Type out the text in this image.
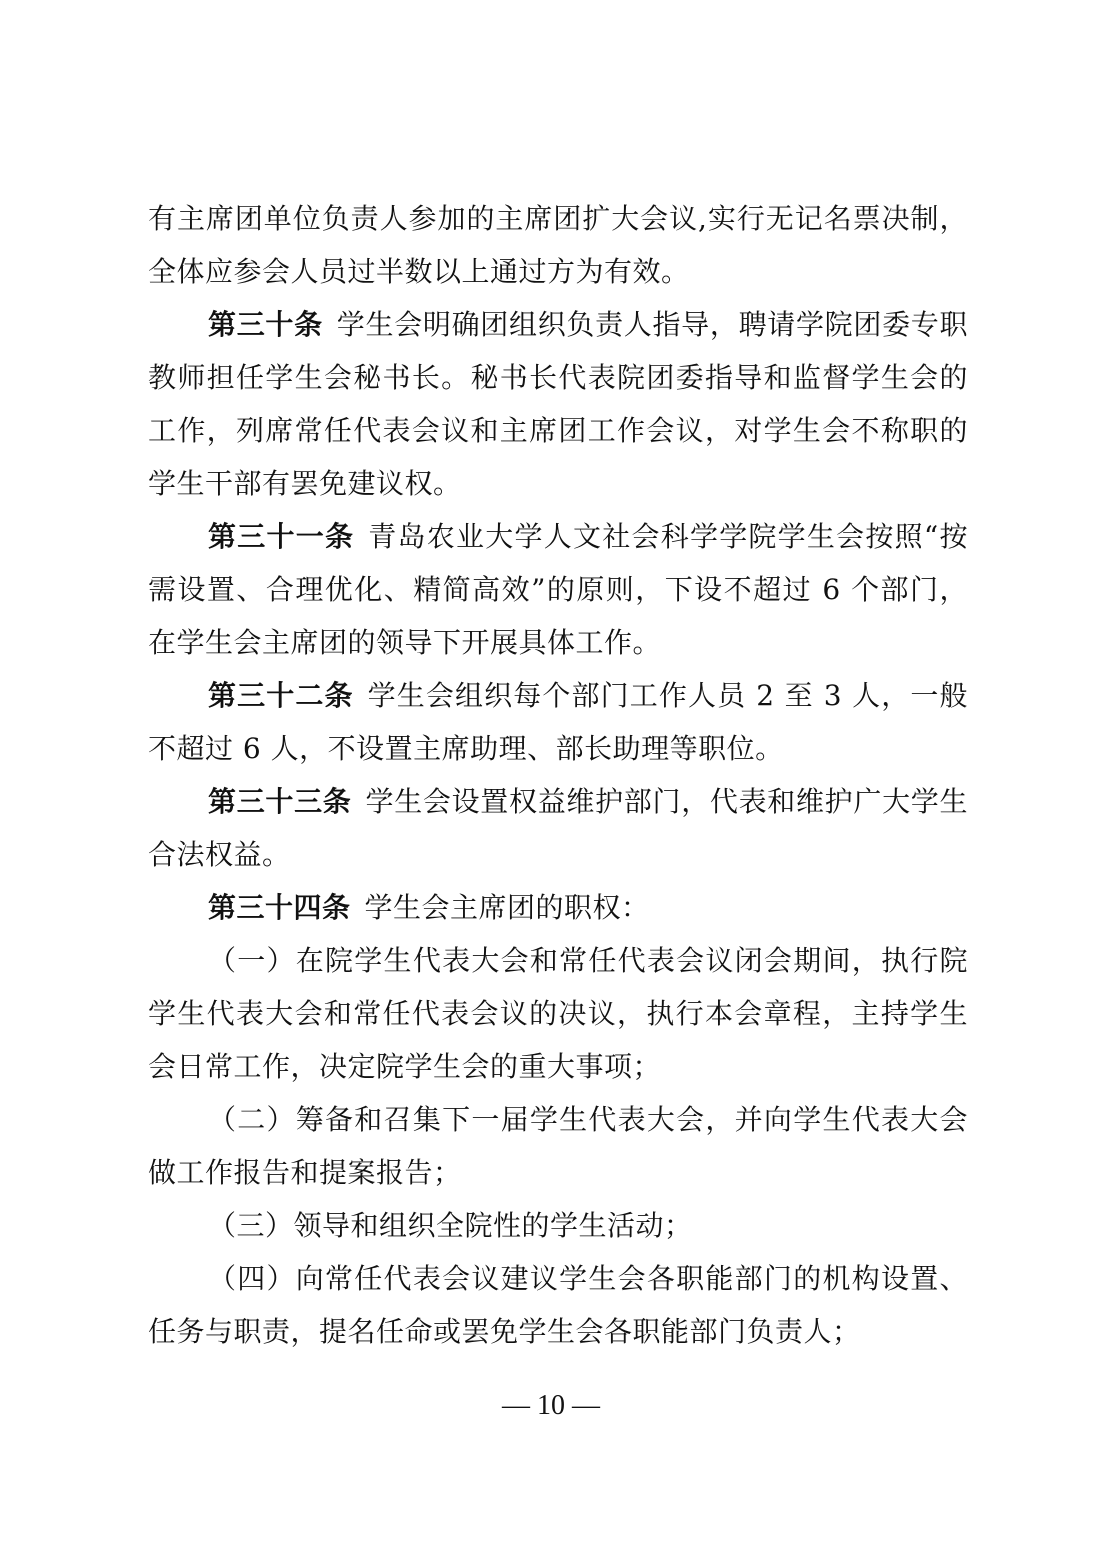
有主席团单位负责人参加的主席团扩大会议,实行无记名票决制，全体应参会人员过半数以上通过方为有效。

第三十条 学生会明确团组织负责人指导，聘请学院团委专职教师担任学生会秘书长。秘书长代表院团委指导和监督学生会的工作，列席常任代表会议和主席团工作会议，对学生会不称职的学生干部有罢免建议权。

第三十一条 青岛农业大学人文社会科学学院学生会按照“按需设置、合理优化、精简高效”的原则，下设不超过 6 个部门，在学生会主席团的领导下开展具体工作。

第三十二条 学生会组织每个部门工作人员 2 至 3 人，一般不超过 6 人，不设置主席助理、部长助理等职位。

第三十三条 学生会设置权益维护部门，代表和维护广大学生合法权益。

第三十四条 学生会主席团的职权：

（一）在院学生代表大会和常任代表会议闭会期间，执行院学生代表大会和常任代表会议的决议，执行本会章程，主持学生会日常工作，决定院学生会的重大事项；

（二）筹备和召集下一届学生代表大会，并向学生代表大会做工作报告和提案报告；

（三）领导和组织全院性的学生活动；

（四）向常任代表会议建议学生会各职能部门的机构设置、任务与职责，提名任命或罢免学生会各职能部门负责人；

— 10 —
